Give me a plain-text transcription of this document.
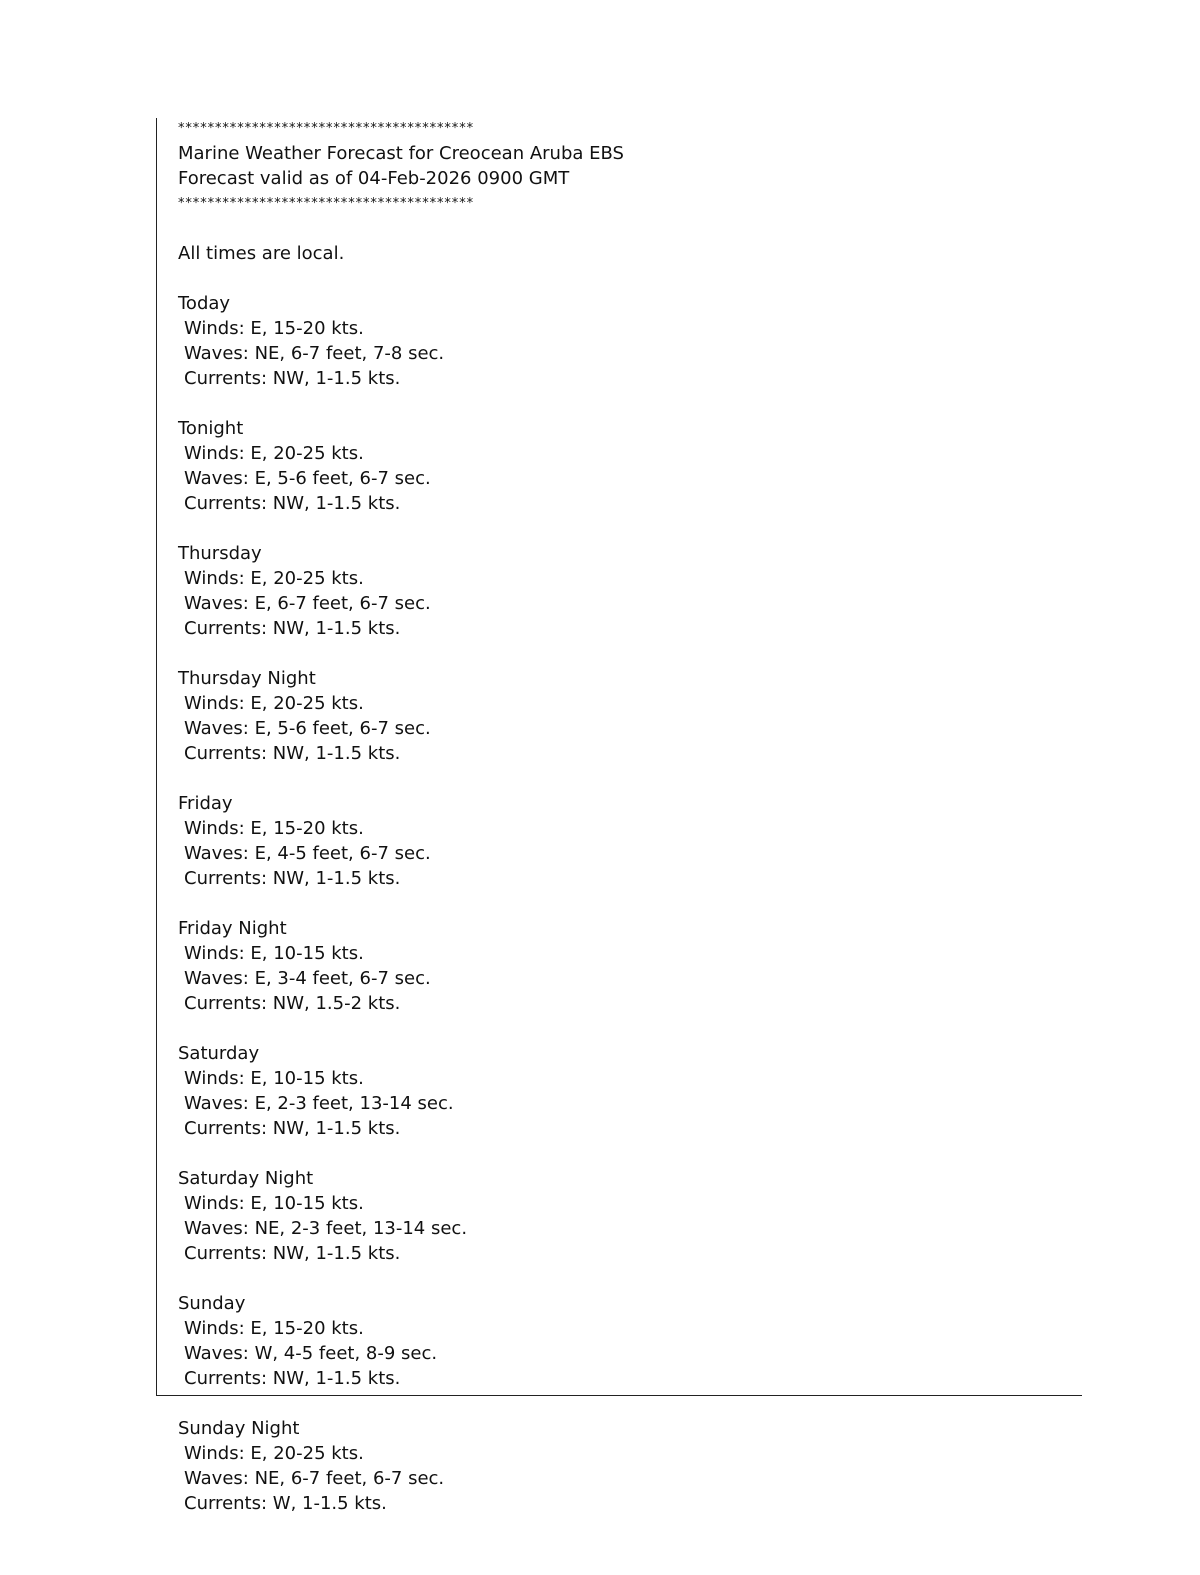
****************************************
Marine Weather Forecast for Creocean Aruba EBS
Forecast valid as of 04-Feb-2026 0900 GMT
****************************************
All times are local.
Today
Winds: E, 15-20 kts.
Waves: NE, 6-7 feet, 7-8 sec.
Currents: NW, 1-1.5 kts.
Tonight
Winds: E, 20-25 kts.
Waves: E, 5-6 feet, 6-7 sec.
Currents: NW, 1-1.5 kts.
Thursday
Winds: E, 20-25 kts.
Waves: E, 6-7 feet, 6-7 sec.
Currents: NW, 1-1.5 kts.
Thursday Night
Winds: E, 20-25 kts.
Waves: E, 5-6 feet, 6-7 sec.
Currents: NW, 1-1.5 kts.
Friday
Winds: E, 15-20 kts.
Waves: E, 4-5 feet, 6-7 sec.
Currents: NW, 1-1.5 kts.
Friday Night
Winds: E, 10-15 kts.
Waves: E, 3-4 feet, 6-7 sec.
Currents: NW, 1.5-2 kts.
Saturday
Winds: E, 10-15 kts.
Waves: E, 2-3 feet, 13-14 sec.
Currents: NW, 1-1.5 kts.
Saturday Night
Winds: E, 10-15 kts.
Waves: NE, 2-3 feet, 13-14 sec.
Currents: NW, 1-1.5 kts.
Sunday
Winds: E, 15-20 kts.
Waves: W, 4-5 feet, 8-9 sec.
Currents: NW, 1-1.5 kts.
Sunday Night
Winds: E, 20-25 kts.
Waves: NE, 6-7 feet, 6-7 sec.
Currents: W, 1-1.5 kts.
